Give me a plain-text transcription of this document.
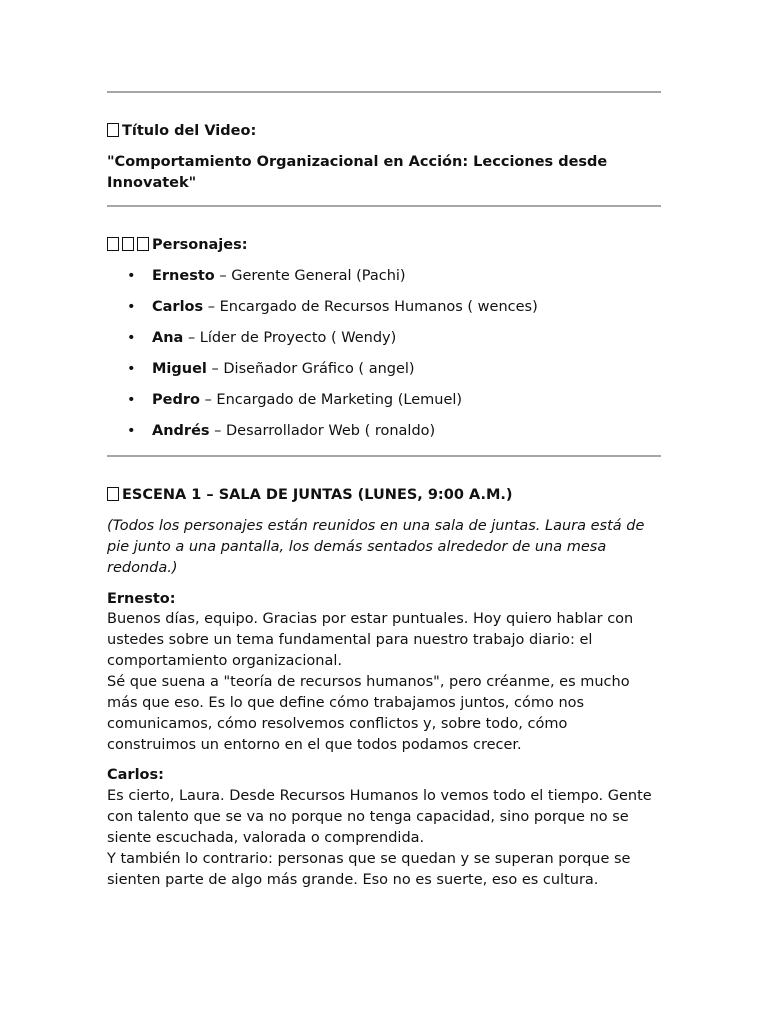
Título del Video:
"Comportamiento Organizacional en Acción: Lecciones desde Innovatek"
Personajes:
• Ernesto – Gerente General (Pachi)
• Carlos – Encargado de Recursos Humanos ( wences)
• Ana – Líder de Proyecto ( Wendy)
• Miguel – Diseñador Gráfico ( angel)
• Pedro – Encargado de Marketing (Lemuel)
• Andrés – Desarrollador Web ( ronaldo)
ESCENA 1 – SALA DE JUNTAS (LUNES, 9:00 A.M.)
(Todos los personajes están reunidos en una sala de juntas. Laura está de pie junto a una pantalla, los demás sentados alrededor de una mesa redonda.)
Ernesto:
Buenos días, equipo. Gracias por estar puntuales. Hoy quiero hablar con ustedes sobre un tema fundamental para nuestro trabajo diario: el comportamiento organizacional.
Sé que suena a "teoría de recursos humanos", pero créanme, es mucho más que eso. Es lo que define cómo trabajamos juntos, cómo nos comunicamos, cómo resolvemos conflictos y, sobre todo, cómo construimos un entorno en el que todos podamos crecer.
Carlos:
Es cierto, Laura. Desde Recursos Humanos lo vemos todo el tiempo. Gente con talento que se va no porque no tenga capacidad, sino porque no se siente escuchada, valorada o comprendida.
Y también lo contrario: personas que se quedan y se superan porque se sienten parte de algo más grande. Eso no es suerte, eso es cultura.
